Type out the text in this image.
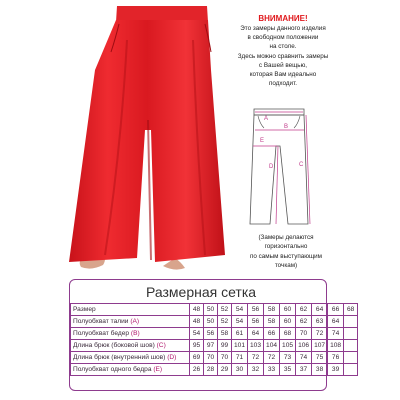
ВНИМАНИЕ!
Это замеры данного изделия
в свободном положении
на столе.
Здесь можно сравнить замеры
с Вашей вещью,
которая Вам идеально
подходит.
A
B
C
D
E
(Замеры делаются
горизонтально
по самым выступающим
точкам)
Размерная сетка
Размер	48	50	52	54	56	58	60	62	64	66	68
Полуобхват талии (А)	48	50	52	54	56	58	60	62	63	64	
Полуобхват бедер (В)	54	56	58	61	64	66	68	70	72	74	
Длина брюк (боковой шов) (С)	95	97	99	101	103	104	105	106	107	108	
Длина брюк (внутренний шов) (D)	69	70	70	71	72	72	73	74	75	76	
Полуобхват одного бедра (E)	26	28	29	30	32	33	35	37	38	39	
